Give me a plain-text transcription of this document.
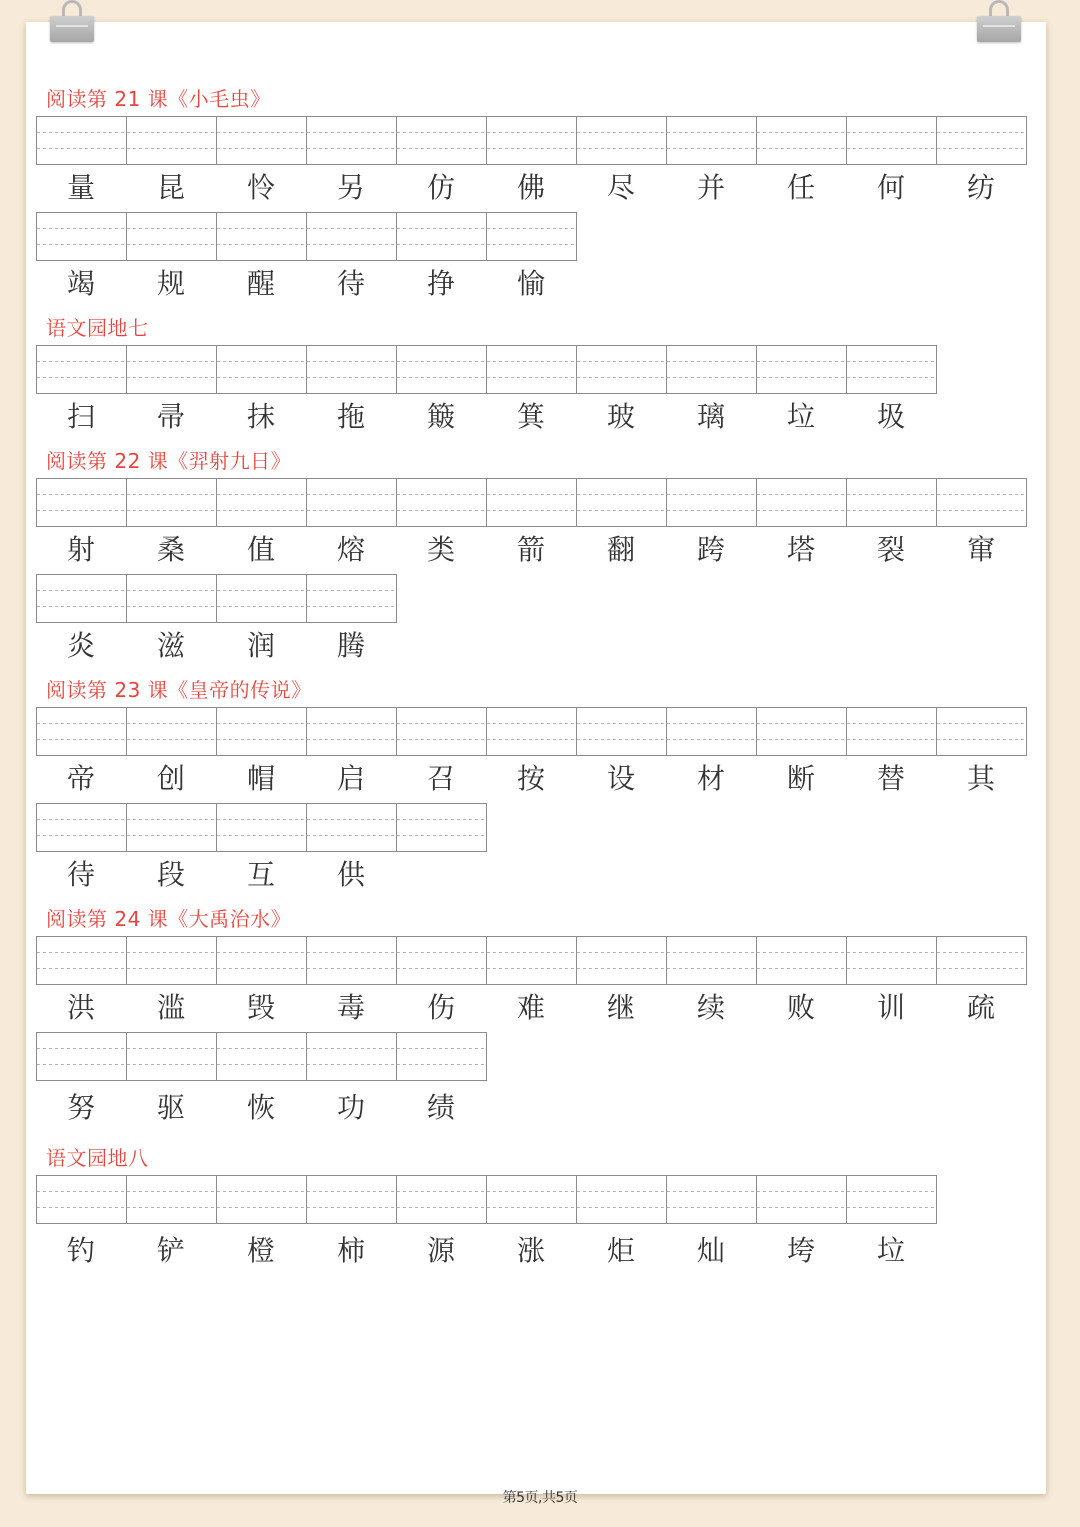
阅读第 21 课《小毛虫》
量	昆	怜	另	仿	佛	尽	并	任	何	纺
竭	规	醒	待	挣	愉
语文园地七
扫	帚	抹	拖	簸	箕	玻	璃	垃	圾
阅读第 22 课《羿射九日》
射	桑	值	熔	类	箭	翻	跨	塔	裂	窜
炎	滋	润	腾
阅读第 23 课《皇帝的传说》
帝	创	帽	启	召	按	设	材	断	替	其
待	段	互	供
阅读第 24 课《大禹治水》
洪	滥	毁	毒	伤	难	继	续	败	训	疏
努	驱	恢	功	绩
语文园地八
钓	铲	橙	柿	源	涨	炬	灿	垮	垃
第5页,共5页
